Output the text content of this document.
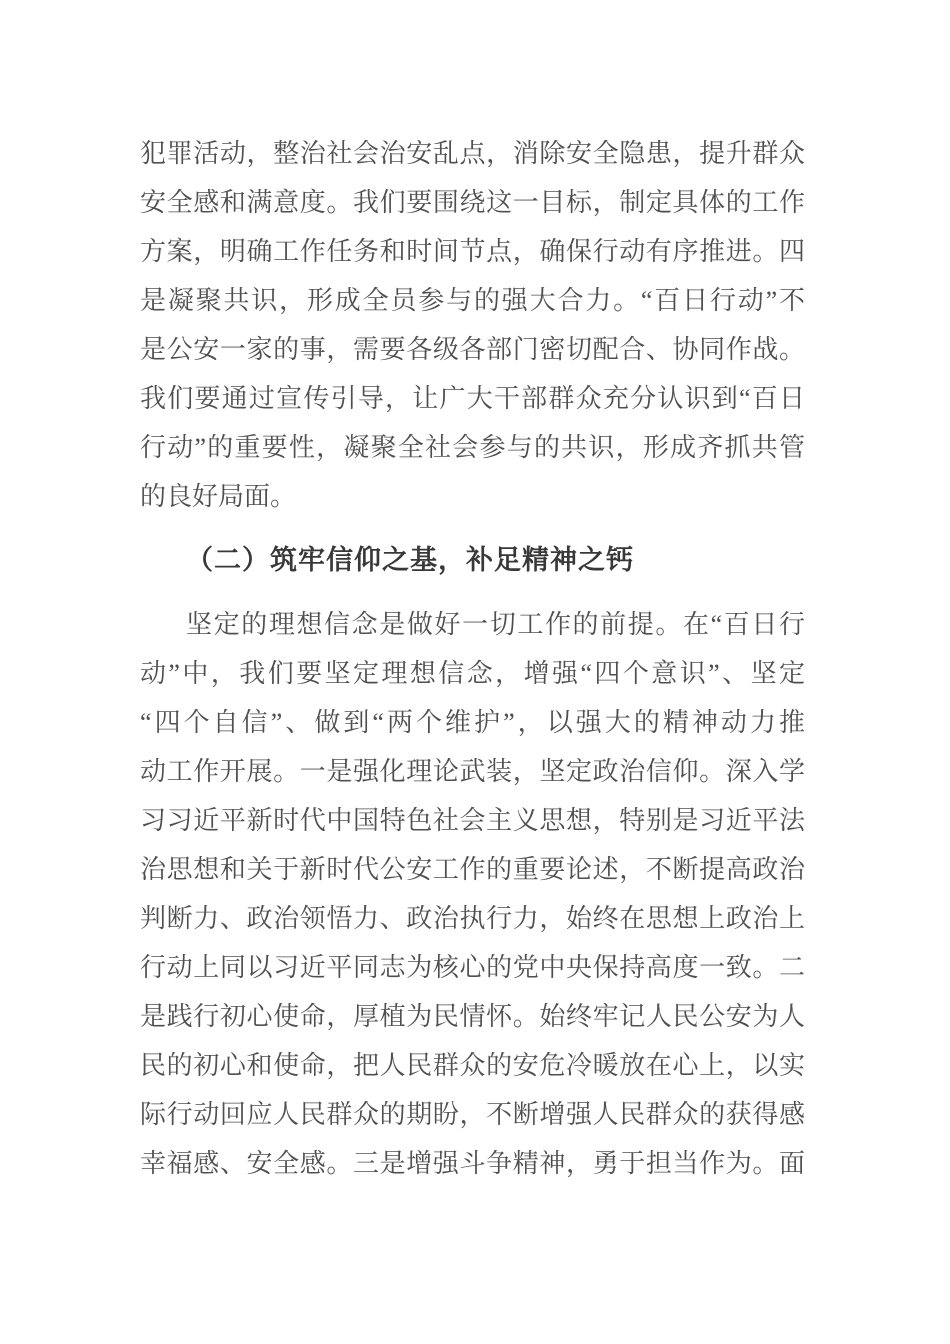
犯罪活动，整治社会治安乱点，消除安全隐患，提升群众
安全感和满意度。我们要围绕这一目标，制定具体的工作
方案，明确工作任务和时间节点，确保行动有序推进。四
是凝聚共识，形成全员参与的强大合力。“百日行动”不
是公安一家的事，需要各级各部门密切配合、协同作战。
我们要通过宣传引导，让广大干部群众充分认识到“百日
行动”的重要性，凝聚全社会参与的共识，形成齐抓共管
的良好局面。
（二）筑牢信仰之基，补足精神之钙
坚定的理想信念是做好一切工作的前提。在“百日行
动”中，我们要坚定理想信念，增强“四个意识”、坚定
“四个自信”、做到“两个维护”，以强大的精神动力推
动工作开展。一是强化理论武装，坚定政治信仰。深入学
习习近平新时代中国特色社会主义思想，特别是习近平法
治思想和关于新时代公安工作的重要论述，不断提高政治
判断力、政治领悟力、政治执行力，始终在思想上政治上
行动上同以习近平同志为核心的党中央保持高度一致。二
是践行初心使命，厚植为民情怀。始终牢记人民公安为人
民的初心和使命，把人民群众的安危冷暖放在心上，以实
际行动回应人民群众的期盼，不断增强人民群众的获得感
幸福感、安全感。三是增强斗争精神，勇于担当作为。面
